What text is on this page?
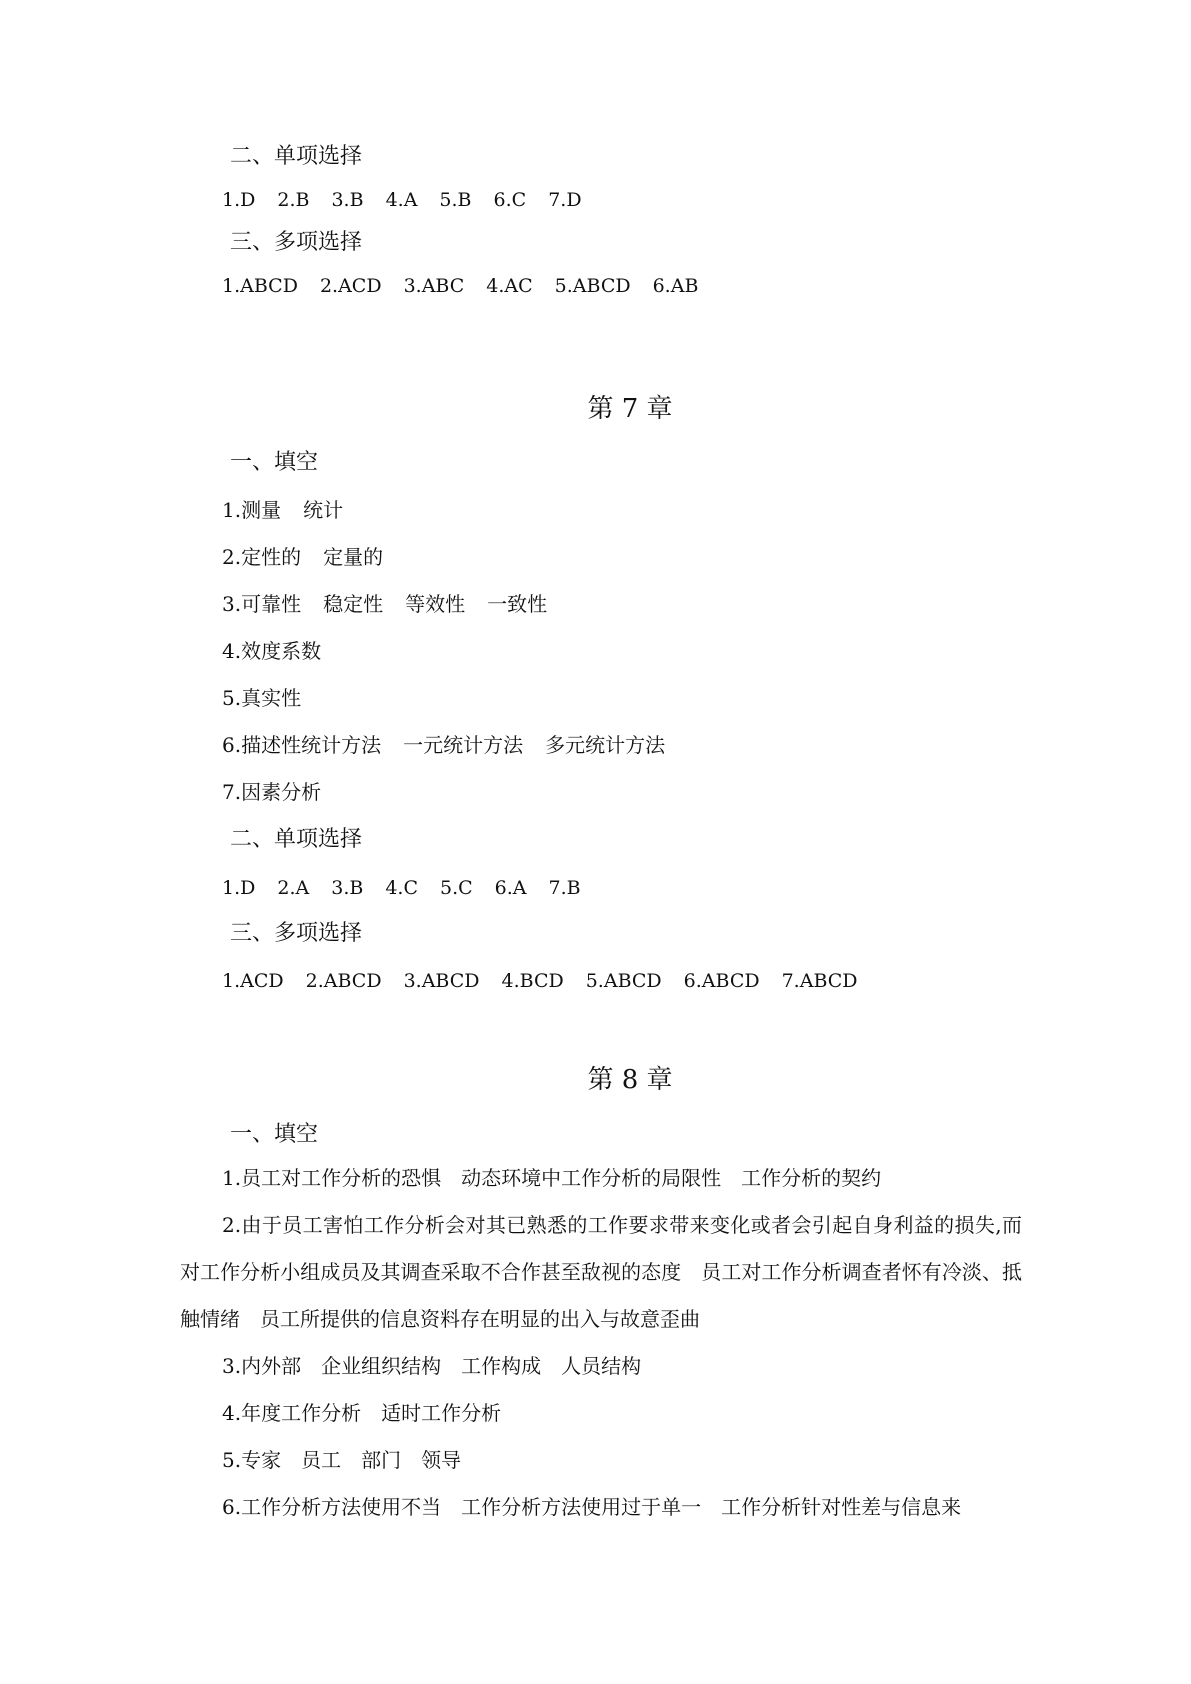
二、单项选择
1.D 2.B 3.B 4.A 5.B 6.C 7.D
三、多项选择
1.ABCD 2.ACD 3.ABC 4.AC 5.ABCD 6.AB
第 7 章
一、填空
1.测量 统计
2.定性的 定量的
3.可靠性 稳定性 等效性 一致性
4.效度系数
5.真实性
6.描述性统计方法 一元统计方法 多元统计方法
7.因素分析
二、单项选择
1.D 2.A 3.B 4.C 5.C 6.A 7.B
三、多项选择
1.ACD 2.ABCD 3.ABCD 4.BCD 5.ABCD 6.ABCD 7.ABCD
第 8 章
一、填空
1.员工对工作分析的恐惧　动态环境中工作分析的局限性　工作分析的契约
2.由于员工害怕工作分析会对其已熟悉的工作要求带来变化或者会引起自身利益的损失,而对工作分析小组成员及其调查采取不合作甚至敌视的态度　员工对工作分析调查者怀有冷淡、抵触情绪　员工所提供的信息资料存在明显的出入与故意歪曲
3.内外部　企业组织结构　工作构成　人员结构
4.年度工作分析　适时工作分析
5.专家　员工　部门　领导
6.工作分析方法使用不当　工作分析方法使用过于单一　工作分析针对性差与信息来
